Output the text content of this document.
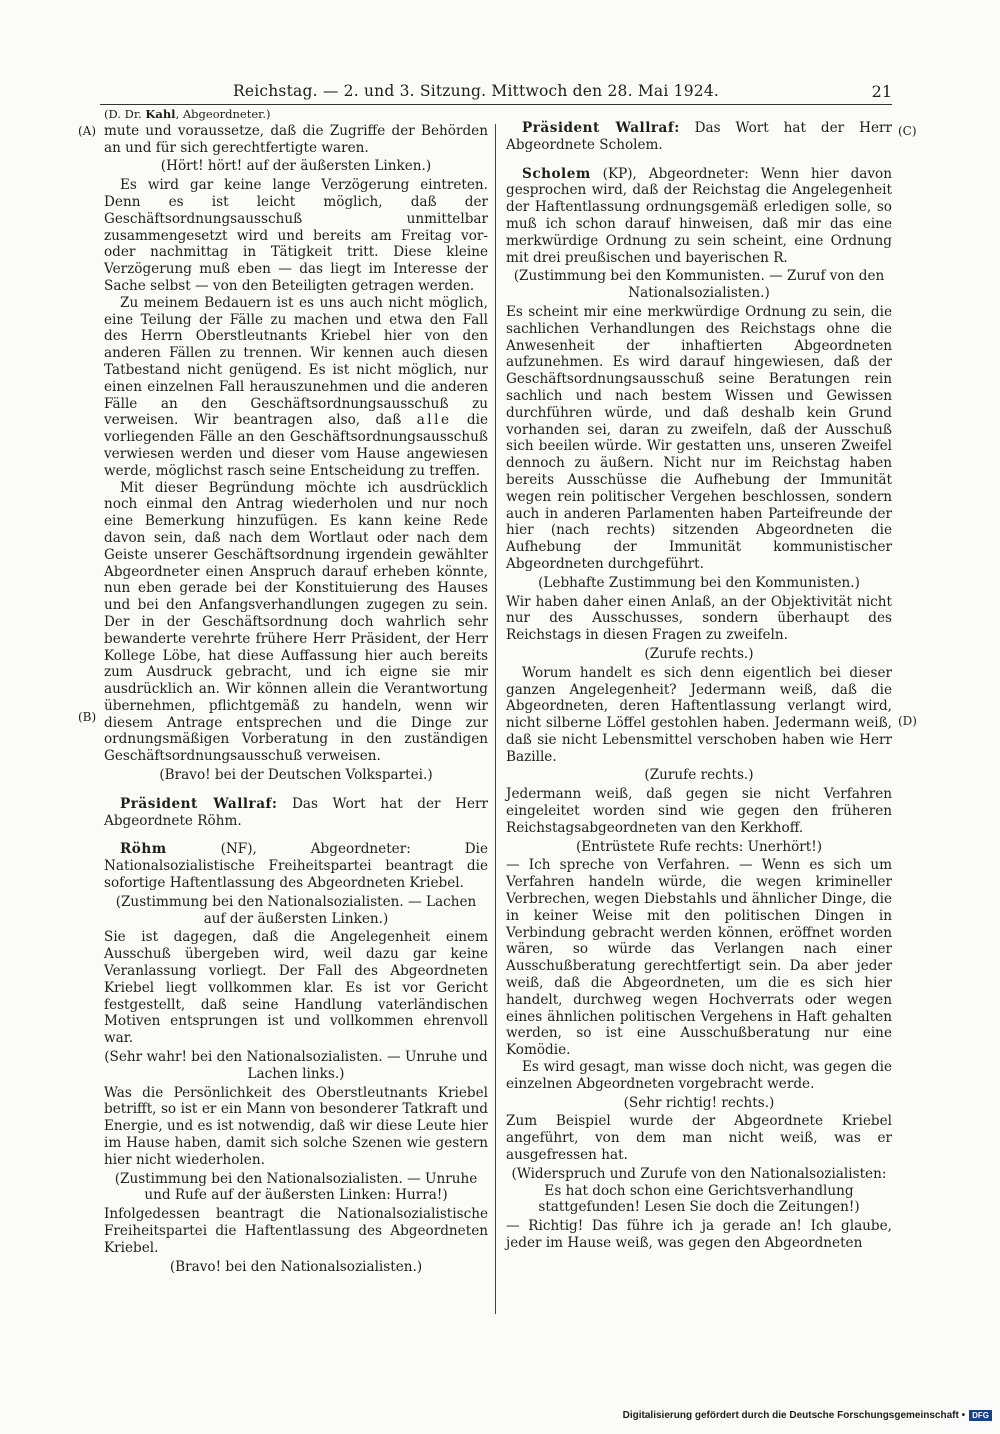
Reichstag. — 2. und 3. Sitzung. Mittwoch den 28. Mai 1924.	21
(A)
(B)
(C)
(D)

(D. Dr. Kahl, Abgeordneter.)

mute und voraussetze, daß die Zugriffe der Behörden an und für sich gerechtfertigte waren.

(Hört! hört! auf der äußersten Linken.)

Es wird gar keine lange Verzögerung eintreten. Denn es ist leicht möglich, daß der Geschäftsordnungsausschuß unmittelbar zusammengesetzt wird und bereits am Freitag vor- oder nachmittag in Tätigkeit tritt. Diese kleine Verzögerung muß eben — das liegt im Interesse der Sache selbst — von den Beteiligten getragen werden.

Zu meinem Bedauern ist es uns auch nicht möglich, eine Teilung der Fälle zu machen und etwa den Fall des Herrn Oberstleutnants Kriebel hier von den anderen Fällen zu trennen. Wir kennen auch diesen Tatbestand nicht genügend. Es ist nicht möglich, nur einen einzelnen Fall herauszunehmen und die anderen Fälle an den Geschäftsordnungsausschuß zu verweisen. Wir beantragen also, daß alle die vorliegenden Fälle an den Geschäftsordnungsausschuß verwiesen werden und dieser vom Hause angewiesen werde, möglichst rasch seine Entscheidung zu treffen.

Mit dieser Begründung möchte ich ausdrücklich noch einmal den Antrag wiederholen und nur noch eine Bemerkung hinzufügen. Es kann keine Rede davon sein, daß nach dem Wortlaut oder nach dem Geiste unserer Geschäftsordnung irgendein gewählter Abgeordneter einen Anspruch darauf erheben könnte, nun eben gerade bei der Konstituierung des Hauses und bei den Anfangsverhandlungen zugegen zu sein. Der in der Geschäftsordnung doch wahrlich sehr bewanderte verehrte frühere Herr Präsident, der Herr Kollege Löbe, hat diese Auffassung hier auch bereits zum Ausdruck gebracht, und ich eigne sie mir ausdrücklich an. Wir können allein die Verantwortung übernehmen, pflichtgemäß zu handeln, wenn wir diesem Antrage entsprechen und die Dinge zur ordnungsmäßigen Vorberatung in den zuständigen Geschäftsordnungsausschuß verweisen.

(Bravo! bei der Deutschen Volkspartei.)

Präsident Wallraf: Das Wort hat der Herr Abgeordnete Röhm.

Röhm (NF), Abgeordneter: Die Nationalsozialistische Freiheitspartei beantragt die sofortige Haftentlassung des Abgeordneten Kriebel.

(Zustimmung bei den Nationalsozialisten. — Lachen auf der äußersten Linken.)

Sie ist dagegen, daß die Angelegenheit einem Ausschuß übergeben wird, weil dazu gar keine Veranlassung vorliegt. Der Fall des Abgeordneten Kriebel liegt vollkommen klar. Es ist vor Gericht festgestellt, daß seine Handlung vaterländischen Motiven entsprungen ist und vollkommen ehrenvoll war.

(Sehr wahr! bei den Nationalsozialisten. — Unruhe und Lachen links.)

Was die Persönlichkeit des Oberstleutnants Kriebel betrifft, so ist er ein Mann von besonderer Tatkraft und Energie, und es ist notwendig, daß wir diese Leute hier im Hause haben, damit sich solche Szenen wie gestern hier nicht wiederholen.

(Zustimmung bei den Nationalsozialisten. — Unruhe und Rufe auf der äußersten Linken: Hurra!)

Infolgedessen beantragt die Nationalsozialistische Freiheitspartei die Haftentlassung des Abgeordneten Kriebel.

(Bravo! bei den Nationalsozialisten.)

Präsident Wallraf: Das Wort hat der Herr Abgeordnete Scholem.

Scholem (KP), Abgeordneter: Wenn hier davon gesprochen wird, daß der Reichstag die Angelegenheit der Haftentlassung ordnungsgemäß erledigen solle, so muß ich schon darauf hinweisen, daß mir das eine merkwürdige Ordnung zu sein scheint, eine Ordnung mit drei preußischen und bayerischen R.

(Zustimmung bei den Kommunisten. — Zuruf von den Nationalsozialisten.)

Es scheint mir eine merkwürdige Ordnung zu sein, die sachlichen Verhandlungen des Reichstags ohne die Anwesenheit der inhaftierten Abgeordneten aufzunehmen. Es wird darauf hingewiesen, daß der Geschäftsordnungsausschuß seine Beratungen rein sachlich und nach bestem Wissen und Gewissen durchführen würde, und daß deshalb kein Grund vorhanden sei, daran zu zweifeln, daß der Ausschuß sich beeilen würde. Wir gestatten uns, unseren Zweifel dennoch zu äußern. Nicht nur im Reichstag haben bereits Ausschüsse die Aufhebung der Immunität wegen rein politischer Vergehen beschlossen, sondern auch in anderen Parlamenten haben Parteifreunde der hier (nach rechts) sitzenden Abgeordneten die Aufhebung der Immunität kommunistischer Abgeordneten durchgeführt.

(Lebhafte Zustimmung bei den Kommunisten.)

Wir haben daher einen Anlaß, an der Objektivität nicht nur des Ausschusses, sondern überhaupt des Reichstags in diesen Fragen zu zweifeln.

(Zurufe rechts.)

Worum handelt es sich denn eigentlich bei dieser ganzen Angelegenheit? Jedermann weiß, daß die Abgeordneten, deren Haftentlassung verlangt wird, nicht silberne Löffel gestohlen haben. Jedermann weiß, daß sie nicht Lebensmittel verschoben haben wie Herr Bazille.

(Zurufe rechts.)

Jedermann weiß, daß gegen sie nicht Verfahren eingeleitet worden sind wie gegen den früheren Reichstagsabgeordneten van den Kerkhoff.

(Entrüstete Rufe rechts: Unerhört!)

— Ich spreche von Verfahren. — Wenn es sich um Verfahren handeln würde, die wegen krimineller Verbrechen, wegen Diebstahls und ähnlicher Dinge, die in keiner Weise mit den politischen Dingen in Verbindung gebracht werden können, eröffnet worden wären, so würde das Verlangen nach einer Ausschußberatung gerechtfertigt sein. Da aber jeder weiß, daß die Abgeordneten, um die es sich hier handelt, durchweg wegen Hochverrats oder wegen eines ähnlichen politischen Vergehens in Haft gehalten werden, so ist eine Ausschußberatung nur eine Komödie.

Es wird gesagt, man wisse doch nicht, was gegen die einzelnen Abgeordneten vorgebracht werde.

(Sehr richtig! rechts.)

Zum Beispiel wurde der Abgeordnete Kriebel angeführt, von dem man nicht weiß, was er ausgefressen hat.

(Widerspruch und Zurufe von den Nationalsozialisten: Es hat doch schon eine Gerichtsverhandlung stattgefunden! Lesen Sie doch die Zeitungen!)

— Richtig! Das führe ich ja gerade an! Ich glaube, jeder im Hause weiß, was gegen den Abgeordneten

Digitalisierung gefördert durch die Deutsche Forschungsgemeinschaft • DFG
